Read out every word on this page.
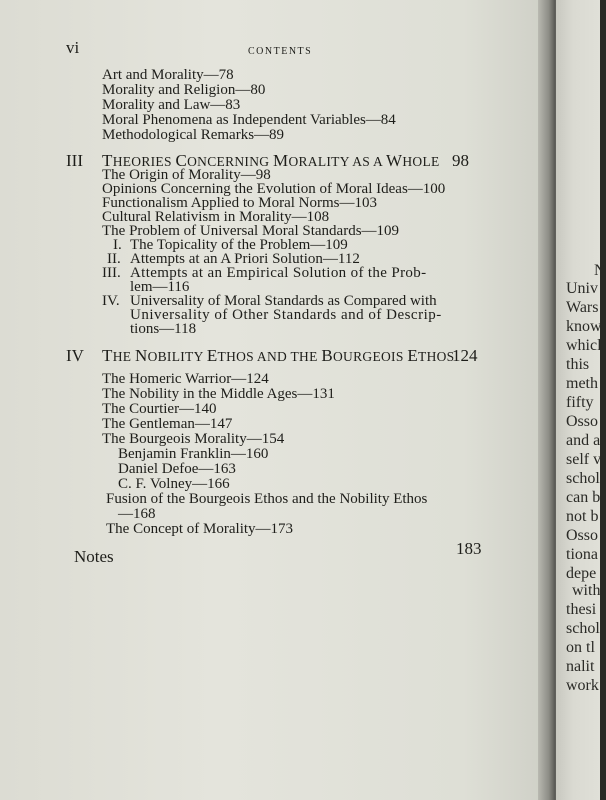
vi	CONTENTS
Art and Morality—78
Morality and Religion—80
Morality and Law—83
Moral Phenomena as Independent Variables—84
Methodological Remarks—89
III THEORIES CONCERNING MORALITY AS A WHOLE 98
The Origin of Morality—98
Opinions Concerning the Evolution of Moral Ideas—100
Functionalism Applied to Moral Norms—103
Cultural Relativism in Morality—108
The Problem of Universal Moral Standards—109
I. The Topicality of the Problem—109
II. Attempts at an A Priori Solution—112
III. Attempts at an Empirical Solution of the Prob-
lem—116
IV. Universality of Moral Standards as Compared with
Universality of Other Standards and of Descrip-
tions—118
IV THE NOBILITY ETHOS AND THE BOURGEOIS ETHOS
124
The Homeric Warrior—124
The Nobility in the Middle Ages—131
The Courtier—140
The Gentleman—147
The Bourgeois Morality—154
Benjamin Franklin—160
Daniel Defoe—163
C. F. Volney—166
Fusion of the Bourgeois Ethos and the Nobility Ethos
—168
The Concept of Morality—173
Notes	183
N
Univ
Wars
know
whicl
this
meth
fifty
Osso
and a
self v
schol
can b
not b
Osso
tiona
depe
with
thesi
schol
on tl
nalit
work
